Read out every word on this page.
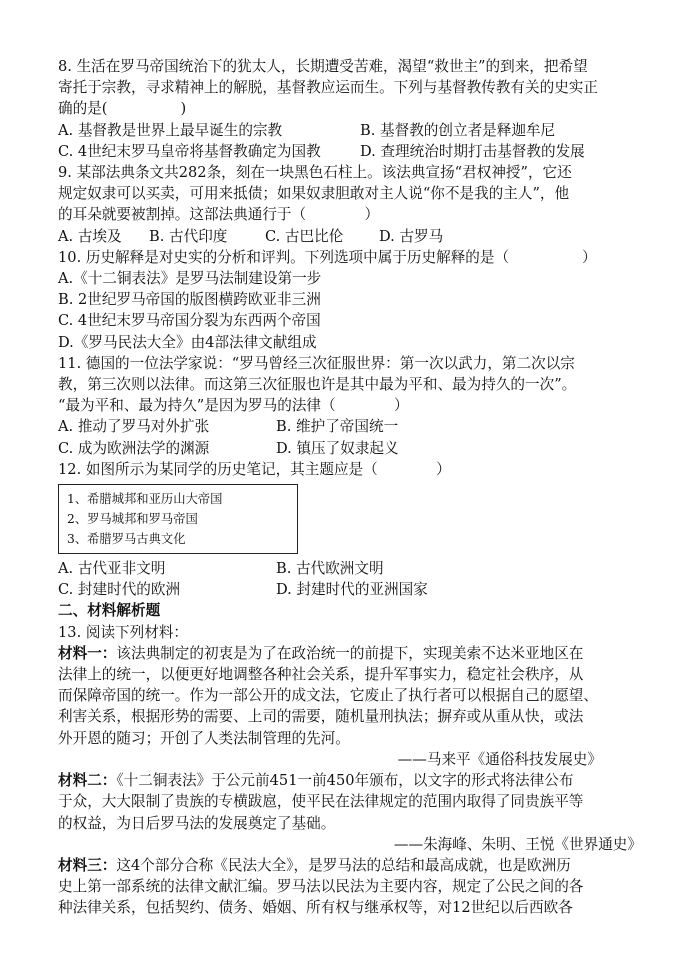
8. 生活在罗马帝国统治下的犹太人，长期遭受苦难，渴望“救世主”的到来，把希望
寄托于宗教，寻求精神上的解脱，基督教应运而生。下列与基督教传教有关的史实正
确的是(　　　　　)
A. 基督教是世界上最早诞生的宗教	B. 基督教的创立者是释迦牟尼
C. 4世纪末罗马皇帝将基督教确定为国教	D. 查理统治时期打击基督教的发展
9. 某部法典条文共282条，刻在一块黑色石柱上。该法典宣扬“君权神授”，它还
规定奴隶可以买卖，可用来抵债；如果奴隶胆敢对主人说“你不是我的主人”，他
的耳朵就要被割掉。这部法典通行于（　　　　）
A. 古埃及	B. 古代印度	C. 古巴比伦	D. 古罗马
10. 历史解释是对史实的分析和评判。下列选项中属于历史解释的是（　　　　　）
A.《十二铜表法》是罗马法制建设第一步
B. 2世纪罗马帝国的版图横跨欧亚非三洲
C. 4世纪末罗马帝国分裂为东西两个帝国
D.《罗马民法大全》由4部法律文献组成
11. 德国的一位法学家说：“罗马曾经三次征服世界：第一次以武力，第二次以宗
教，第三次则以法律。而这第三次征服也许是其中最为平和、最为持久的一次”。
“最为平和、最为持久”是因为罗马的法律（　　　　）
A. 推动了罗马对外扩张	B. 维护了帝国统一
C. 成为欧洲法学的渊源	D. 镇压了奴隶起义
12. 如图所示为某同学的历史笔记，其主题应是（　　　　）
1、希腊城邦和亚历山大帝国
2、罗马城邦和罗马帝国
3、希腊罗马古典文化
A. 古代亚非文明	B. 古代欧洲文明
C. 封建时代的欧洲	D. 封建时代的亚洲国家
二、材料解析题
13. 阅读下列材料：
材料一：该法典制定的初衷是为了在政治统一的前提下，实现美索不达米亚地区在
法律上的统一，以便更好地调整各种社会关系，提升军事实力，稳定社会秩序，从
而保障帝国的统一。作为一部公开的成文法，它废止了执行者可以根据自己的愿望、
利害关系，根据形势的需要、上司的需要，随机量刑执法；摒弃或从重从快，或法
外开恩的随习；开创了人类法制管理的先河。
——马来平《通俗科技发展史》
材料二：《十二铜表法》于公元前451一前450年颁布，以文字的形式将法律公布
于众，大大限制了贵族的专横跋扈，使平民在法律规定的范围内取得了同贵族平等
的权益，为日后罗马法的发展奠定了基础。
——朱海峰、朱明、王悦《世界通史》
材料三：这4个部分合称《民法大全》，是罗马法的总结和最高成就，也是欧洲历
史上第一部系统的法律文献汇编。罗马法以民法为主要内容，规定了公民之间的各
种法律关系，包括契约、债务、婚姻、所有权与继承权等，对12世纪以后西欧各
